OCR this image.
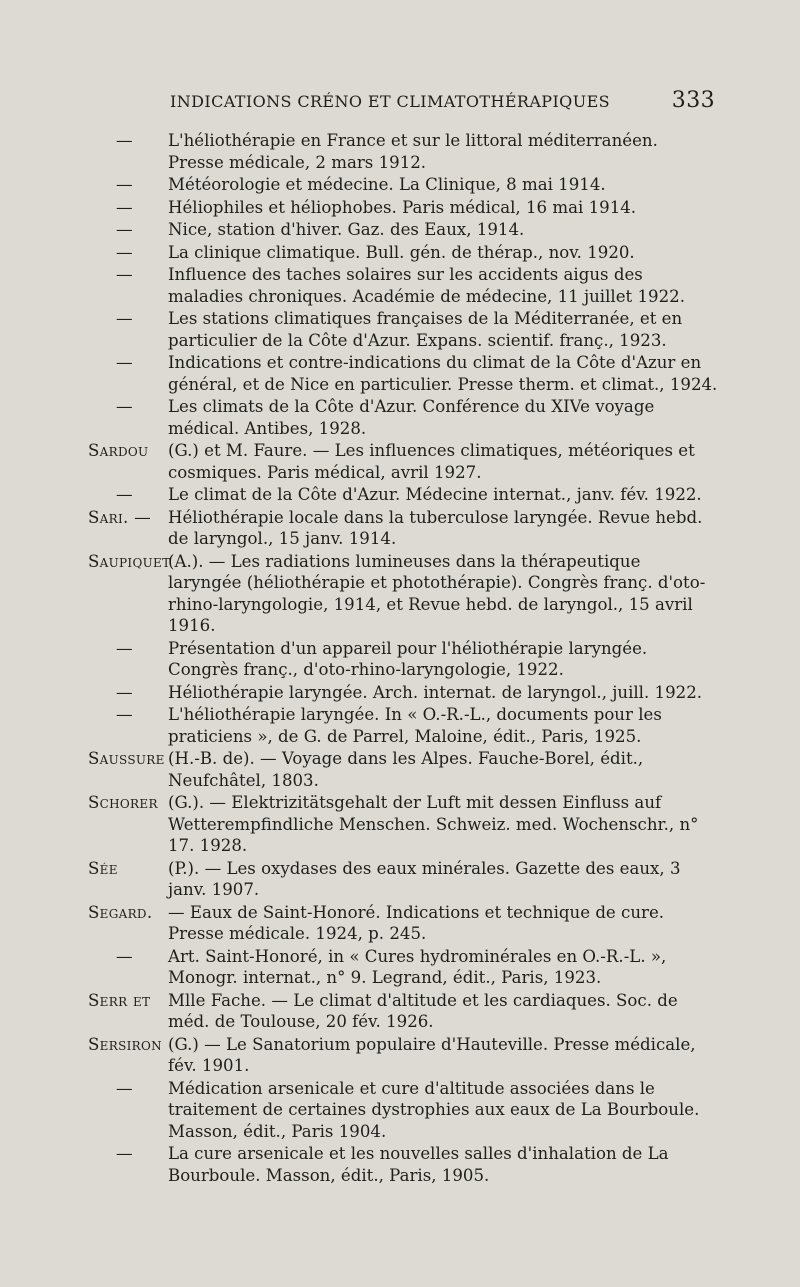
INDICATIONS CRÉNO ET CLIMATOTHÉRAPIQUES	333
— L'héliothérapie en France et sur le littoral méditerranéen. Presse médicale, 2 mars 1912.
— Météorologie et médecine. La Clinique, 8 mai 1914.
— Héliophiles et héliophobes. Paris médical, 16 mai 1914.
— Nice, station d'hiver. Gaz. des Eaux, 1914.
— La clinique climatique. Bull. gén. de thérap., nov. 1920.
— Influence des taches solaires sur les accidents aigus des maladies chroniques. Académie de médecine, 11 juillet 1922.
— Les stations climatiques françaises de la Méditerranée, et en particulier de la Côte d'Azur. Expans. scientif. franç., 1923.
— Indications et contre-indications du climat de la Côte d'Azur en général, et de Nice en particulier. Presse therm. et climat., 1924.
— Les climats de la Côte d'Azur. Conférence du XIVe voyage médical. Antibes, 1928.
Sardou (G.) et M. Faure. — Les influences climatiques, météoriques et cosmiques. Paris médical, avril 1927.
— Le climat de la Côte d'Azur. Médecine internat., janv. fév. 1922.
Sari. — Héliothérapie locale dans la tuberculose laryngée. Revue hebd. de laryngol., 15 janv. 1914.
Saupiquet
(A.). — Les radiations lumineuses dans la thérapeutique laryngée (héliothérapie et photothérapie). Congrès franç. d'oto-rhino-laryngologie, 1914, et Revue hebd. de laryngol., 15 avril 1916.
— Présentation d'un appareil pour l'héliothérapie laryngée. Congrès franç., d'oto-rhino-laryngologie, 1922.
— Héliothérapie laryngée. Arch. internat. de laryngol., juill. 1922.
— L'héliothérapie laryngée. In « O.-R.-L., documents pour les praticiens », de G. de Parrel, Maloine, édit., Paris, 1925.
Saussure (H.-B. de). — Voyage dans les Alpes. Fauche-Borel, édit., Neufchâtel, 1803.
Schorer (G.). — Elektrizitätsgehalt der Luft mit dessen Einfluss auf Wetterempfindliche Menschen. Schweiz. med. Wochenschr., n° 17. 1928.
Sée	(P.). — Les oxydases des eaux minérales. Gazette des eaux, 3 janv. 1907.
Segard. — Eaux de Saint-Honoré. Indications et technique de cure. Presse médicale. 1924, p. 245.
— Art. Saint-Honoré, in « Cures hydrominérales en O.-R.-L. », Monogr. internat., n° 9. Legrand, édit., Paris, 1923.
Serr et Mlle Fache. — Le climat d'altitude et les cardiaques. Soc. de méd. de Toulouse, 20 fév. 1926.
Sersiron (G.) — Le Sanatorium populaire d'Hauteville. Presse médicale, fév. 1901.
— Médication arsenicale et cure d'altitude associées dans le traitement de certaines dystrophies aux eaux de La Bourboule. Masson, édit., Paris 1904.
— La cure arsenicale et les nouvelles salles d'inhalation de La Bourboule. Masson, édit., Paris, 1905.
